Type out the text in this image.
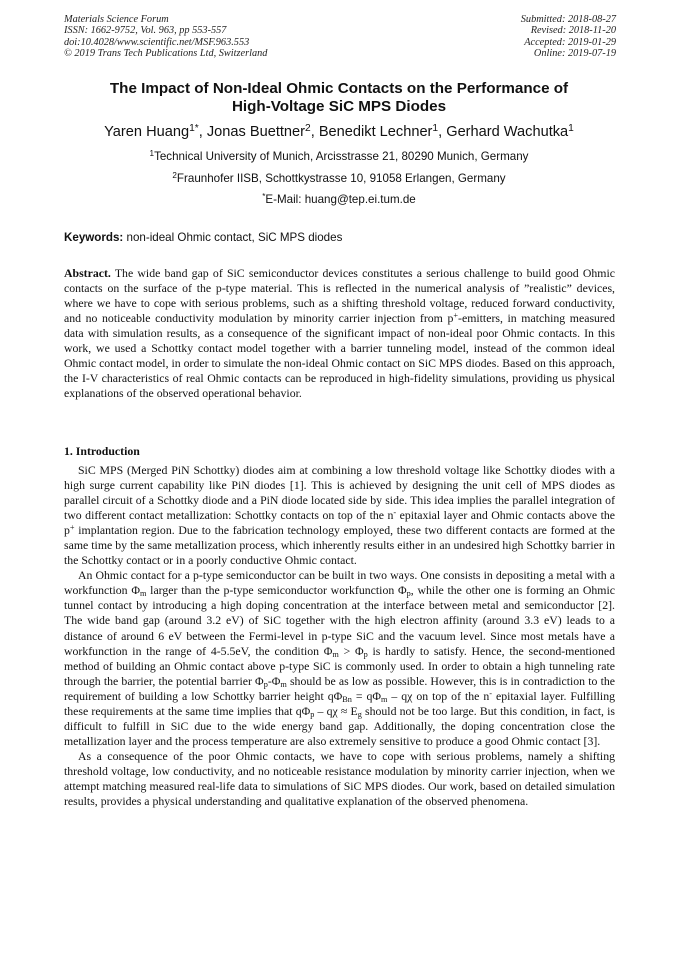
Materials Science Forum
ISSN: 1662-9752, Vol. 963, pp 553-557
doi:10.4028/www.scientific.net/MSF.963.553
© 2019 Trans Tech Publications Ltd, Switzerland
Submitted: 2018-08-27
Revised: 2018-11-20
Accepted: 2019-01-29
Online: 2019-07-19
The Impact of Non-Ideal Ohmic Contacts on the Performance of
High-Voltage SiC MPS Diodes
Yaren Huang$^{1*}$, Jonas Buettner$^2$, Benedikt Lechner$^1$, Gerhard Wachutka$^1$
$^1$Technical University of Munich, Arcisstrasse 21, 80290 Munich, Germany
$^2$Fraunhofer IISB, Schottkystrasse 10, 91058 Erlangen, Germany
*E-Mail: huang@tep.ei.tum.de
Keywords: non-ideal Ohmic contact, SiC MPS diodes
Abstract. The wide band gap of SiC semiconductor devices constitutes a serious challenge to build good Ohmic contacts on the surface of the p-type material. This is reflected in the numerical analysis of ”realistic” devices, where we have to cope with serious problems, such as a shifting threshold voltage, reduced forward conductivity, and no noticeable conductivity modulation by minority carrier injection from p+-emitters, in matching measured data with simulation results, as a consequence of the significant impact of non-ideal poor Ohmic contacts. In this work, we used a Schottky contact model together with a barrier tunneling model, instead of the common ideal Ohmic contact model, in order to simulate the non-ideal Ohmic contact on SiC MPS diodes. Based on this approach, the I-V characteristics of real Ohmic contacts can be reproduced in high-fidelity simulations, providing us physical explanations of the observed operational behavior.
1. Introduction

SiC MPS (Merged PiN Schottky) diodes aim at combining a low threshold voltage like Schottky diodes with a high surge current capability like PiN diodes [1]. This is achieved by designing the unit cell of MPS diodes as parallel circuit of a Schottky diode and a PiN diode located side by side. This idea implies the parallel integration of two different contact metallization: Schottky contacts on top of the n- epitaxial layer and Ohmic contacts above the p+ implantation region. Due to the fabrication technology employed, these two different contacts are formed at the same time by the same metallization process, which inherently results either in an undesired high Schottky barrier in the Schottky contact or in a poorly conductive Ohmic contact.

An Ohmic contact for a p-type semiconductor can be built in two ways. One consists in depositing a metal with a workfunction $\Phi_m$ larger than the p-type semiconductor workfunction $\Phi_p$, while the other one is forming an Ohmic tunnel contact by introducing a high doping concentration at the interface between metal and semiconductor [2]. The wide band gap (around 3.2 eV) of SiC together with the high electron affinity (around 3.3 eV) leads to a distance of around 6 eV between the Fermi-level in p-type SiC and the vacuum level. Since most metals have a workfunction in the range of 4-5.5eV, the condition $\Phi_m > \Phi_p$ is hardly to satisfy. Hence, the second-mentioned method of building an Ohmic contact above p-type SiC is commonly used. In order to obtain a high tunneling rate through the barrier, the potential barrier $\Phi_p-\Phi_m$ should be as low as possible. However, this is in contradiction to the requirement of building a low Schottky barrier height $q\Phi_{Bn} = q\Phi_m - q\chi$ on top of the n- epitaxial layer. Fulfilling these requirements at the same time implies that $q\Phi_p - q\chi \approx E_g$ should not be too large. But this condition, in fact, is difficult to fulfill in SiC due to the wide energy band gap. Additionally, the doping concentration close the metallization layer and the process temperature are also extremely sensitive to produce a good Ohmic contact [3].

As a consequence of the poor Ohmic contacts, we have to cope with serious problems, namely a shifting threshold voltage, low conductivity, and no noticeable resistance modulation by minority carrier injection, when we attempt matching measured real-life data to simulations of SiC MPS diodes. Our work, based on detailed simulation results, provides a physical understanding and qualitative explanation of the observed phenomena.
